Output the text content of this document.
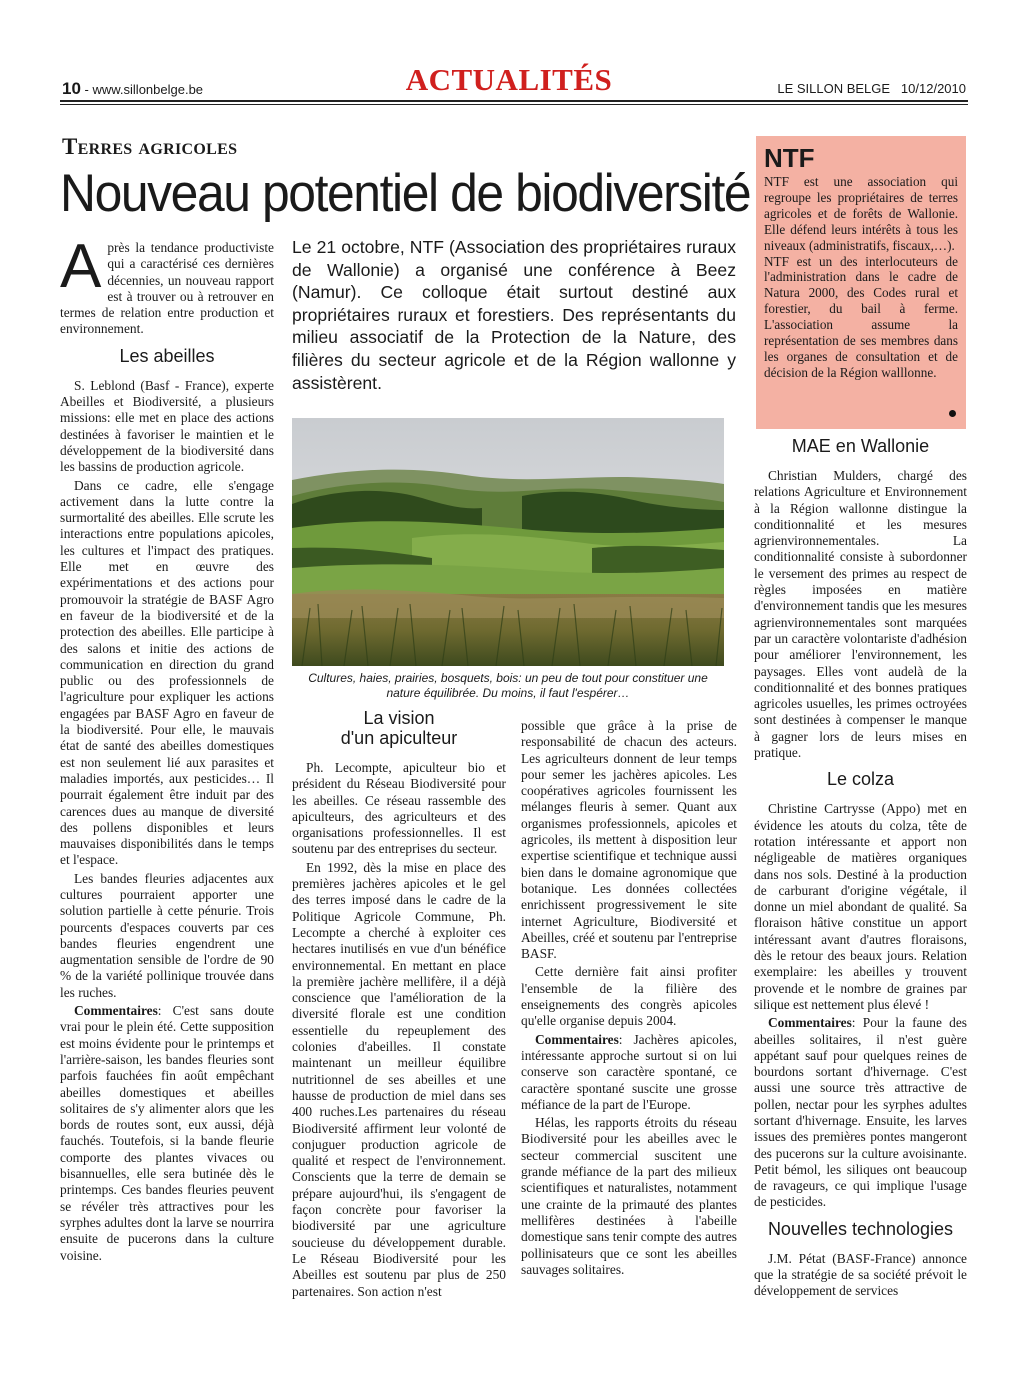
10 - www.sillonbelge.be	ACTUALITÉS	LE SILLON BELGE 10/12/2010
Terres agricoles
Nouveau potentiel de biodiversité

Après la tendance productiviste qui a caractérisé ces dernières décennies, un nouveau rapport est à trouver ou à retrouver en termes de relation entre production et environnement.

Les abeilles

S. Leblond (Basf - France), experte Abeilles et Biodiversité, a plusieurs missions: elle met en place des actions destinées à favoriser le maintien et le développement de la biodiversité dans les bassins de production agricole.

Dans ce cadre, elle s'engage activement dans la lutte contre la surmortalité des abeilles. Elle scrute les interactions entre populations apicoles, les cultures et l'impact des pratiques. Elle met en œuvre des expérimentations et des actions pour promouvoir la stratégie de BASF Agro en faveur de la biodiversité et de la protection des abeilles. Elle participe à des salons et initie des actions de communication en direction du grand public ou des professionnels de l'agriculture pour expliquer les actions engagées par BASF Agro en faveur de la biodiversité. Pour elle, le mauvais état de santé des abeilles domestiques est non seulement lié aux parasites et maladies importés, aux pesticides… Il pourrait également être induit par des carences dues au manque de diversité des pollens disponibles et leurs mauvaises disponibilités dans le temps et l'espace.

Les bandes fleuries adjacentes aux cultures pourraient apporter une solution partielle à cette pénurie. Trois pourcents d'espaces couverts par ces bandes fleuries engendrent une augmentation sensible de l'ordre de 90 % de la variété pollinique trouvée dans les ruches.

Commentaires: C'est sans doute vrai pour le plein été. Cette supposition est moins évidente pour le printemps et l'arrière-saison, les bandes fleuries sont parfois fauchées fin août empêchant abeilles domestiques et abeilles solitaires de s'y alimenter alors que les bords de routes sont, eux aussi, déjà fauchés. Toutefois, si la bande fleurie comporte des plantes vivaces ou bisannuelles, elle sera butinée dès le printemps. Ces bandes fleuries peuvent se révéler très attractives pour les syrphes adultes dont la larve se nourrira ensuite de pucerons dans la culture voisine.

Le 21 octobre, NTF (Association des propriétaires ruraux de Wallonie) a organisé une conférence à Beez (Namur). Ce colloque était surtout destiné aux propriétaires ruraux et forestiers. Des représentants du milieu associatif de la Protection de la Nature, des filières du secteur agricole et de la Région wallonne y assistèrent.
Cultures, haies, prairies, bosquets, bois: un peu de tout pour constituer une nature équilibrée. Du moins, il faut l'espérer…
La vision
d'un apiculteur

Ph. Lecompte, apiculteur bio et président du Réseau Biodiversité pour les abeilles. Ce réseau rassemble des apiculteurs, des agriculteurs et des organisations professionnelles. Il est soutenu par des entreprises du secteur.

En 1992, dès la mise en place des premières jachères apicoles et le gel des terres imposé dans le cadre de la Politique Agricole Commune, Ph. Lecompte a cherché à exploiter ces hectares inutilisés en vue d'un bénéfice environnemental. En mettant en place la première jachère mellifère, il a déjà conscience que l'amélioration de la diversité florale est une condition essentielle du repeuplement des colonies d'abeilles. Il constate maintenant un meilleur équilibre nutritionnel de ses abeilles et une hausse de production de miel dans ses 400 ruches.Les partenaires du réseau Biodiversité affirment leur volonté de conjuguer production agricole de qualité et respect de l'environnement. Conscients que la terre de demain se prépare aujourd'hui, ils s'engagent de façon concrète pour favoriser la biodiversité par une agriculture soucieuse du développement durable. Le Réseau Biodiversité pour les Abeilles est soutenu par plus de 250 partenaires. Son action n'est

possible que grâce à la prise de responsabilité de chacun des acteurs. Les agriculteurs donnent de leur temps pour semer les jachères apicoles. Les coopératives agricoles fournissent les mélanges fleuris à semer. Quant aux organismes professionnels, apicoles et agricoles, ils mettent à disposition leur expertise scientifique et technique aussi bien dans le domaine agronomique que botanique. Les données collectées enrichissent progressivement le site internet Agriculture, Biodiversité et Abeilles, créé et soutenu par l'entreprise BASF.

Cette dernière fait ainsi profiter l'ensemble de la filière des enseignements des congrès apicoles qu'elle organise depuis 2004.

Commentaires: Jachères apicoles, intéressante approche surtout si on lui conserve son caractère spontané, ce caractère spontané suscite une grosse méfiance de la part de l'Europe.

Hélas, les rapports étroits du réseau Biodiversité pour les abeilles avec le secteur commercial suscitent une grande méfiance de la part des milieux scientifiques et naturalistes, notamment une crainte de la primauté des plantes mellifères destinées à l'abeille domestique sans tenir compte des autres pollinisateurs que ce sont les abeilles sauvages solitaires.

NTF

NTF est une association qui regroupe les propriétaires de terres agricoles et de forêts de Wallonie. Elle défend leurs intérêts à tous les niveaux (administratifs, fiscaux,…).

NTF est un des interlocuteurs de l'administration dans le cadre de Natura 2000, des Codes rural et forestier, du bail à ferme. L'association assume la représentation de ses membres dans les organes de consultation et de décision de la Région walllonne.

MAE en Wallonie

Christian Mulders, chargé des relations Agriculture et Environnement à la Région wallonne distingue la conditionnalité et les mesures agrienvironnementales. La conditionnalité consiste à subordonner le versement des primes au respect de règles imposées en matière d'environnement tandis que les mesures agrienvironnementales sont marquées par un caractère volontariste d'adhésion pour améliorer l'environnement, les paysages. Elles vont audelà de la conditionnalité et des bonnes pratiques agricoles usuelles, les primes octroyées sont destinées à compenser le manque à gagner lors de leurs mises en pratique.

Le colza

Christine Cartrysse (Appo) met en évidence les atouts du colza, tête de rotation intéressante et apport non négligeable de matières organiques dans nos sols. Destiné à la production de carburant d'origine végétale, il donne un miel abondant de qualité. Sa floraison hâtive constitue un apport intéressant avant d'autres floraisons, dès le retour des beaux jours. Relation exemplaire: les abeilles y trouvent provende et le nombre de graines par silique est nettement plus élevé !

Commentaires: Pour la faune des abeilles solitaires, il n'est guère appétant sauf pour quelques reines de bourdons sortant d'hivernage. C'est aussi une source très attractive de pollen, nectar pour les syrphes adultes sortant d'hivernage. Ensuite, les larves issues des premières pontes mangeront des pucerons sur la culture avoisinante. Petit bémol, les siliques ont beaucoup de ravageurs, ce qui implique l'usage de pesticides.

Nouvelles technologies

J.M. Pétat (BASF-France) annonce que la stratégie de sa société prévoit le développement de services
